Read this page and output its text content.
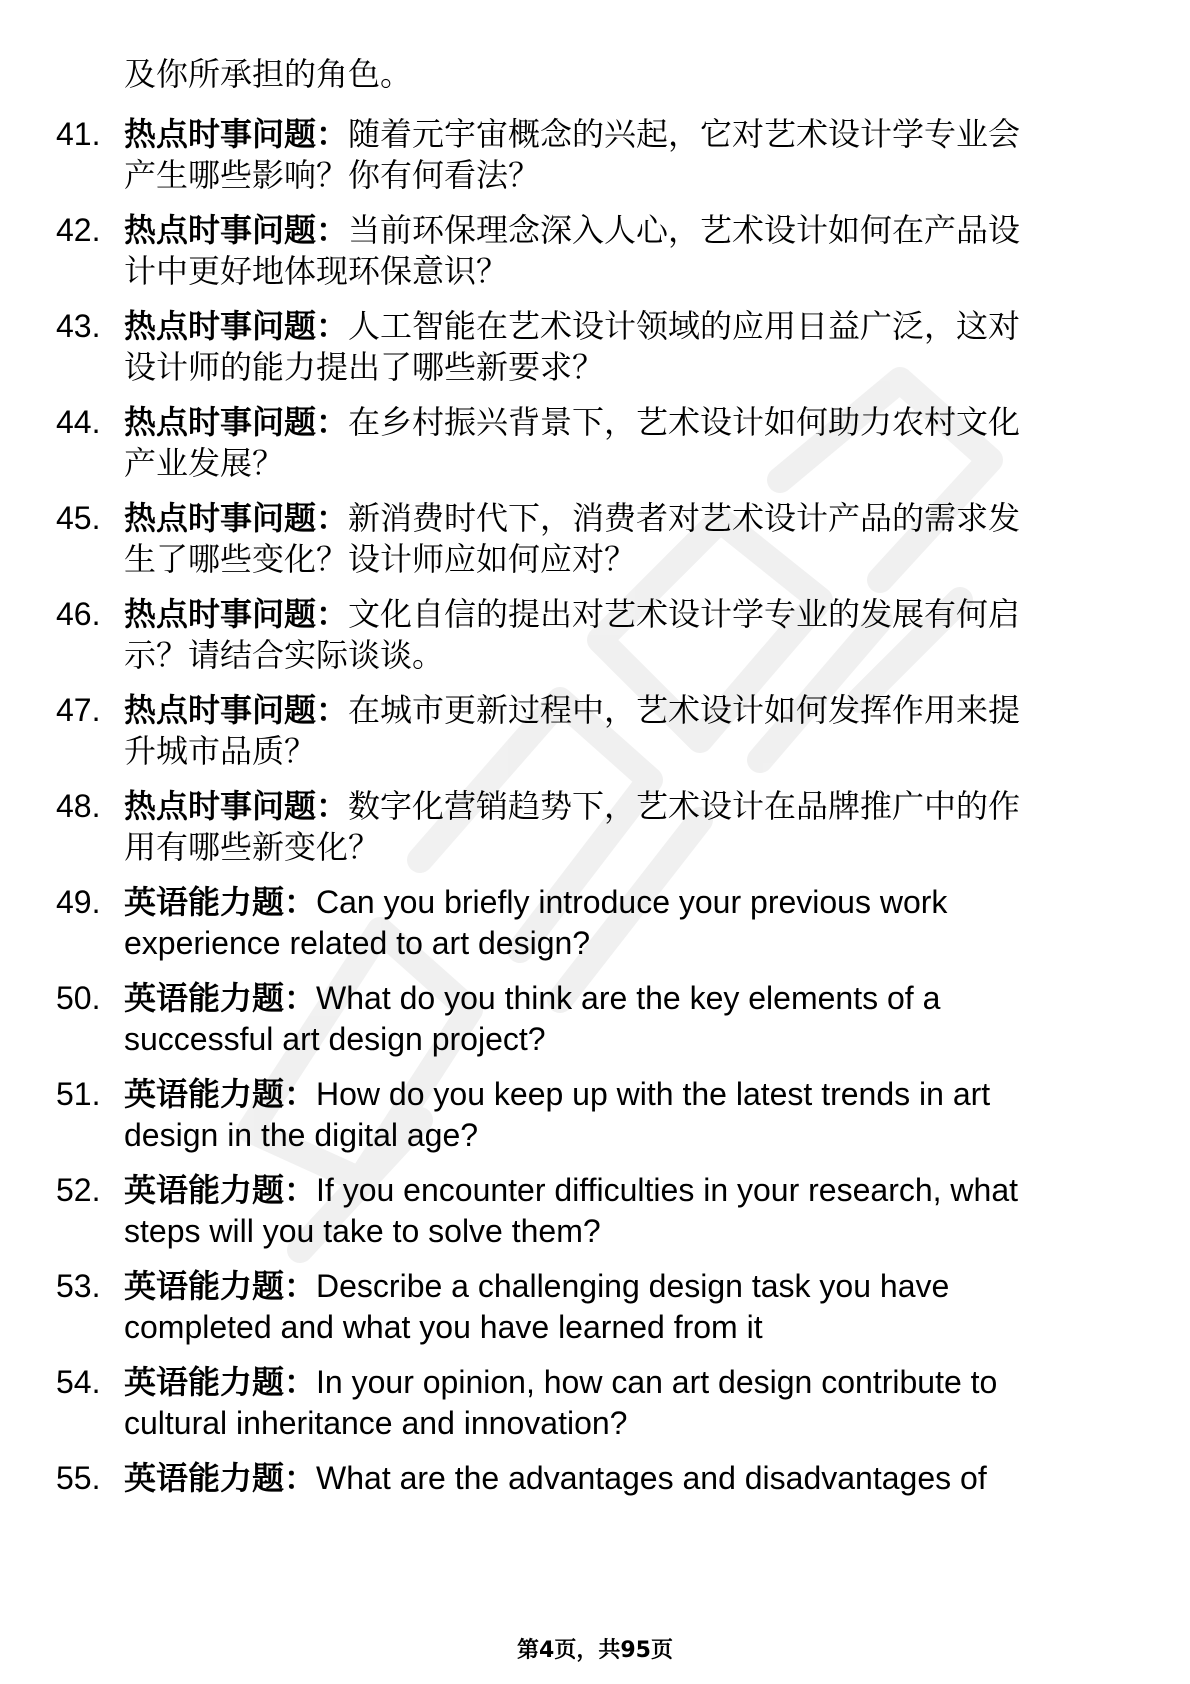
及你所承担的角色。
41. 热点时事问题：随着元宇宙概念的兴起，它对艺术设计学专业会
产生哪些影响？你有何看法？
42. 热点时事问题：当前环保理念深入人心，艺术设计如何在产品设
计中更好地体现环保意识？
43. 热点时事问题：人工智能在艺术设计领域的应用日益广泛，这对
设计师的能力提出了哪些新要求？
44. 热点时事问题：在乡村振兴背景下，艺术设计如何助力农村文化
产业发展？
45. 热点时事问题：新消费时代下，消费者对艺术设计产品的需求发
生了哪些变化？设计师应如何应对？
46. 热点时事问题：文化自信的提出对艺术设计学专业的发展有何启
示？请结合实际谈谈。
47. 热点时事问题：在城市更新过程中，艺术设计如何发挥作用来提
升城市品质？
48. 热点时事问题：数字化营销趋势下，艺术设计在品牌推广中的作
用有哪些新变化？
49. 英语能力题：Can you briefly introduce your previous work
experience related to art design?
50. 英语能力题：What do you think are the key elements of a
successful art design project?
51. 英语能力题：How do you keep up with the latest trends in art
design in the digital age?
52. 英语能力题：If you encounter difficulties in your research, what
steps will you take to solve them?
53. 英语能力题：Describe a challenging design task you have
completed and what you have learned from it
54. 英语能力题：In your opinion, how can art design contribute to
cultural inheritance and innovation?
55. 英语能力题：What are the advantages and disadvantages of
第4页，共95页
